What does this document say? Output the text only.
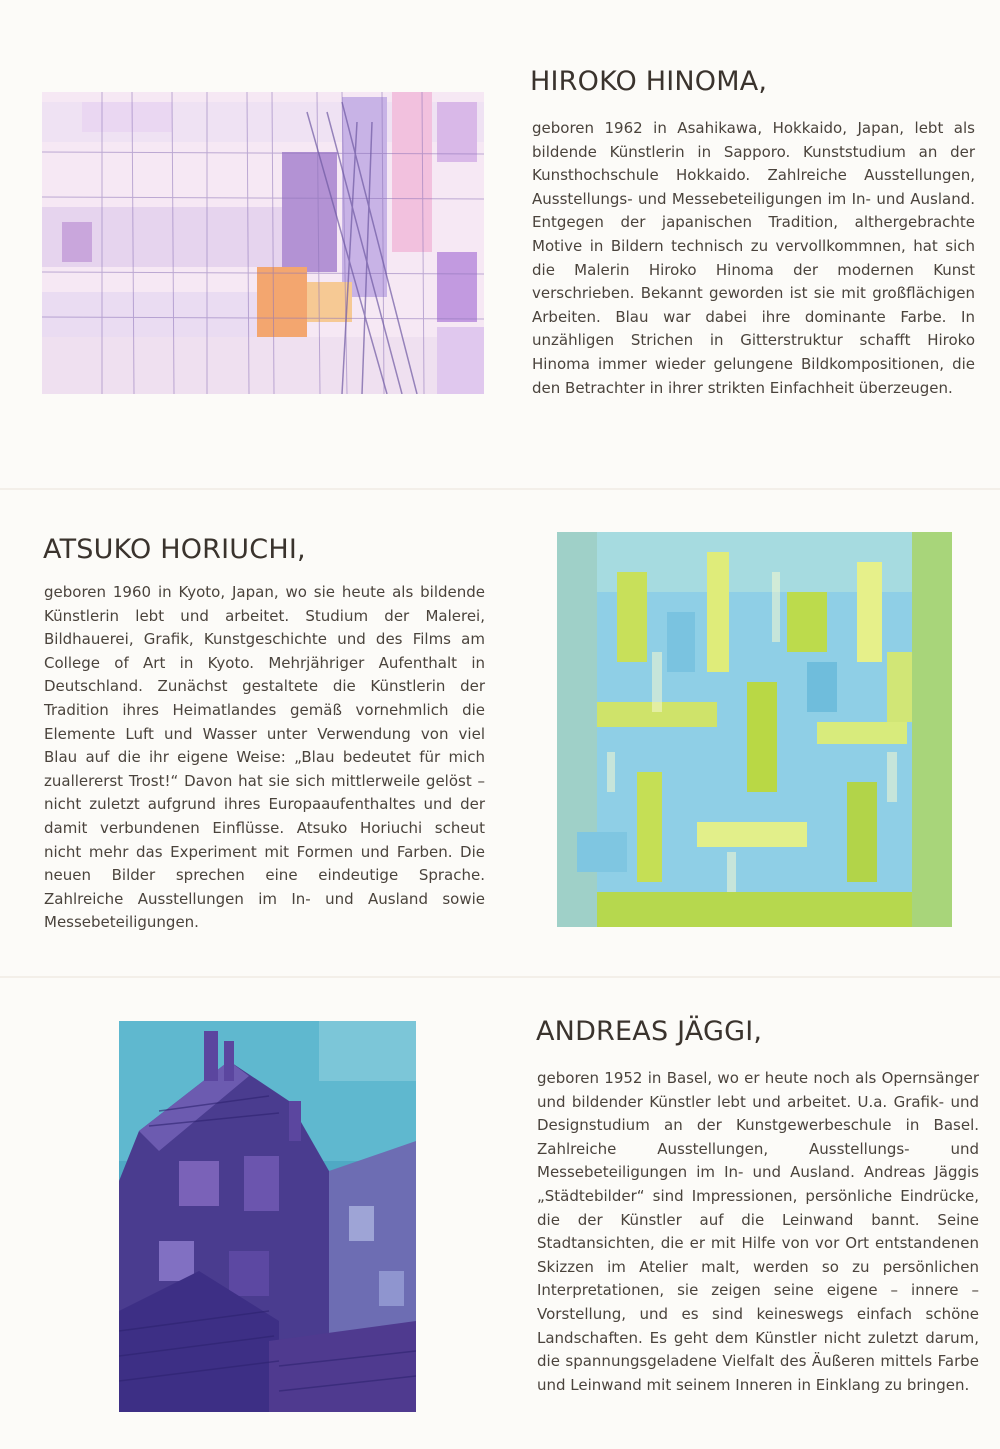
HIROKO HINOMA,

geboren 1962 in Asahikawa, Hokkaido, Japan, lebt als bildende Künstlerin in Sapporo. Kunststudium an der Kunsthochschule Hokkaido. Zahlreiche Ausstellungen, Ausstellungs- und Messebeteiligungen im In- und Ausland. Entgegen der japanischen Tradition, althergebrachte Motive in Bildern technisch zu vervollkommnen, hat sich die Malerin Hiroko Hinoma der modernen Kunst verschrieben. Bekannt geworden ist sie mit großflächigen Arbeiten. Blau war dabei ihre dominante Farbe. In unzähligen Strichen in Gitterstruktur schafft Hiroko Hinoma immer wieder gelungene Bildkompositionen, die den Betrachter in ihrer strikten Einfachheit überzeugen.

ATSUKO HORIUCHI,

geboren 1960 in Kyoto, Japan, wo sie heute als bildende Künstlerin lebt und arbeitet. Studium der Malerei, Bildhauerei, Grafik, Kunstgeschichte und des Films am College of Art in Kyoto. Mehrjähriger Aufenthalt in Deutschland. Zunächst gestaltete die Künstlerin der Tradition ihres Heimatlandes gemäß vornehmlich die Elemente Luft und Wasser unter Verwendung von viel Blau auf die ihr eigene Weise: „Blau bedeutet für mich zuallererst Trost!“ Davon hat sie sich mittlerweile gelöst – nicht zuletzt aufgrund ihres Europaaufenthaltes und der damit verbundenen Einflüsse. Atsuko Horiuchi scheut nicht mehr das Experiment mit Formen und Farben. Die neuen Bilder sprechen eine eindeutige Sprache. Zahlreiche Ausstellungen im In- und Ausland sowie Messebeteiligungen.

ANDREAS JÄGGI,

geboren 1952 in Basel, wo er heute noch als Opernsänger und bildender Künstler lebt und arbeitet. U.a. Grafik- und Designstudium an der Kunstgewerbeschule in Basel. Zahlreiche Ausstellungen, Ausstellungs- und Messebeteiligungen im In- und Ausland. Andreas Jäggis „Städtebilder“ sind Impressionen, persönliche Eindrücke, die der Künstler auf die Leinwand bannt. Seine Stadtansichten, die er mit Hilfe von vor Ort entstandenen Skizzen im Atelier malt, werden so zu persönlichen Interpretationen, sie zeigen seine eigene – innere – Vorstellung, und es sind keineswegs einfach schöne Landschaften. Es geht dem Künstler nicht zuletzt darum, die spannungsgeladene Vielfalt des Äußeren mittels Farbe und Leinwand mit seinem Inneren in Einklang zu bringen.
